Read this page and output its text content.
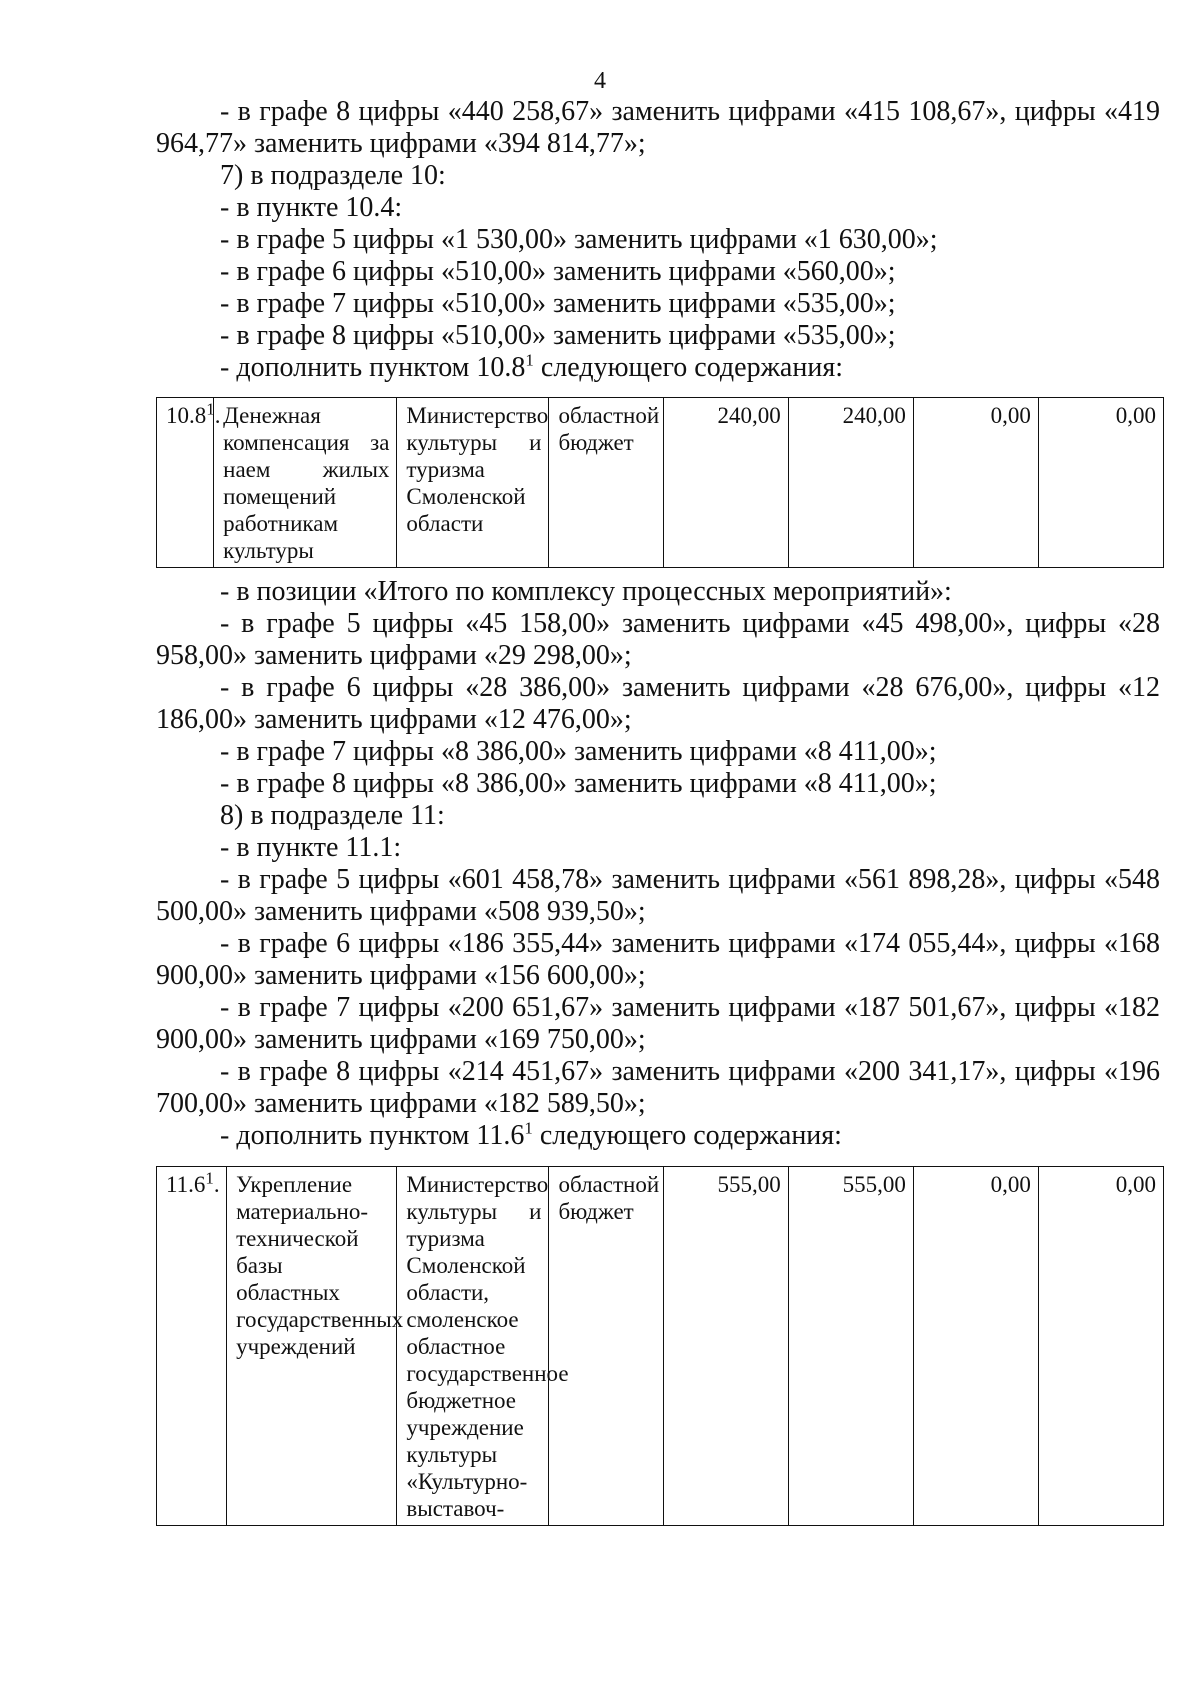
4

- в графе 8 цифры «440 258,67» заменить цифрами «415 108,67», цифры «419 964,77» заменить цифрами «394 814,77»;

7) в подразделе 10:

- в пункте 10.4:

- в графе 5 цифры «1 530,00» заменить цифрами «1 630,00»;

- в графе 6 цифры «510,00» заменить цифрами «560,00»;

- в графе 7 цифры «510,00» заменить цифрами «535,00»;

- в графе 8 цифры «510,00» заменить цифрами «535,00»;

- дополнить пунктом 10.8$^1$ следующего содержания:

10.8$^1$.	Денежная компенсация за наем жилых помещений работникам культуры	Министерство культуры и туризма Смоленской области	областной бюджет	240,00	240,00	0,00	0,00

- в позиции «Итого по комплексу процессных мероприятий»:

- в графе 5 цифры «45 158,00» заменить цифрами «45 498,00», цифры «28 958,00» заменить цифрами «29 298,00»;

- в графе 6 цифры «28 386,00» заменить цифрами «28 676,00», цифры «12 186,00» заменить цифрами «12 476,00»;

- в графе 7 цифры «8 386,00» заменить цифрами «8 411,00»;

- в графе 8 цифры «8 386,00» заменить цифрами «8 411,00»;

8) в подразделе 11:

- в пункте 11.1:

- в графе 5 цифры «601 458,78» заменить цифрами «561 898,28», цифры «548 500,00» заменить цифрами «508 939,50»;

- в графе 6 цифры «186 355,44» заменить цифрами «174 055,44», цифры «168 900,00» заменить цифрами «156 600,00»;

- в графе 7 цифры «200 651,67» заменить цифрами «187 501,67», цифры «182 900,00» заменить цифрами «169 750,00»;

- в графе 8 цифры «214 451,67» заменить цифрами «200 341,17», цифры «196 700,00» заменить цифрами «182 589,50»;

- дополнить пунктом 11.6$^1$ следующего содержания:

11.6$^1$.	Укрепление материально-технической базы областных государственных учреждений	Министерство культуры и туризма Смоленской области, смоленское областное государственное бюджетное учреждение культуры «Культурно-выставоч-	областной бюджет	555,00	555,00	0,00	0,00
